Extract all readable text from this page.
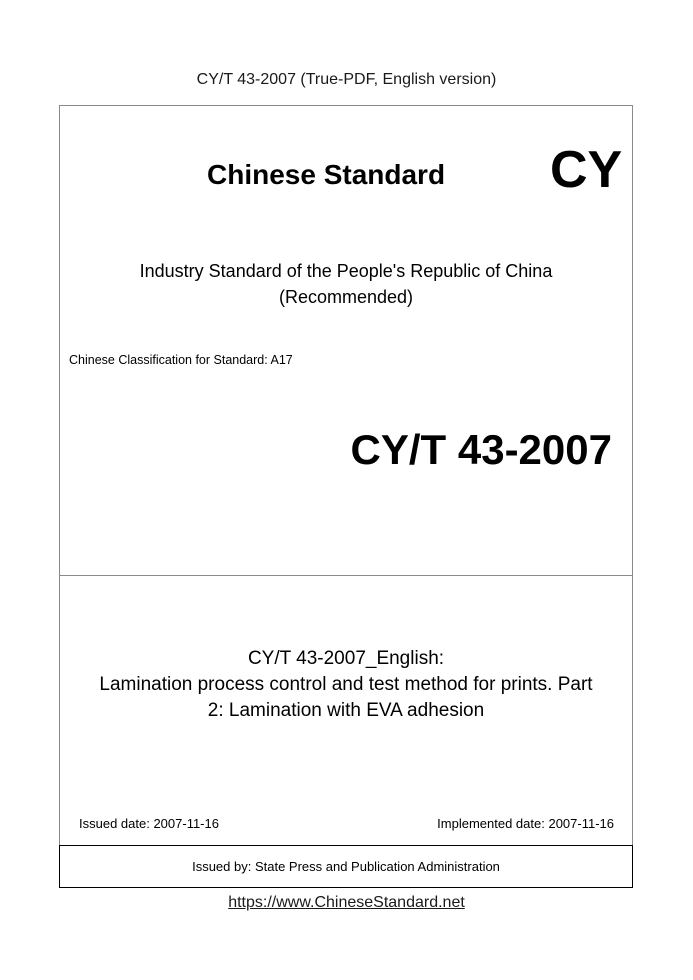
CY/T 43-2007 (True-PDF, English version)
Chinese Standard CY
Industry Standard of the People's Republic of China
(Recommended)
Chinese Classification for Standard: A17
CY/T 43-2007
CY/T 43-2007_English:
Lamination process control and test method for prints. Part
2: Lamination with EVA adhesion
Issued date: 2007-11-16	Implemented date: 2007-11-16
Issued by: State Press and Publication Administration
https://www.ChineseStandard.net
